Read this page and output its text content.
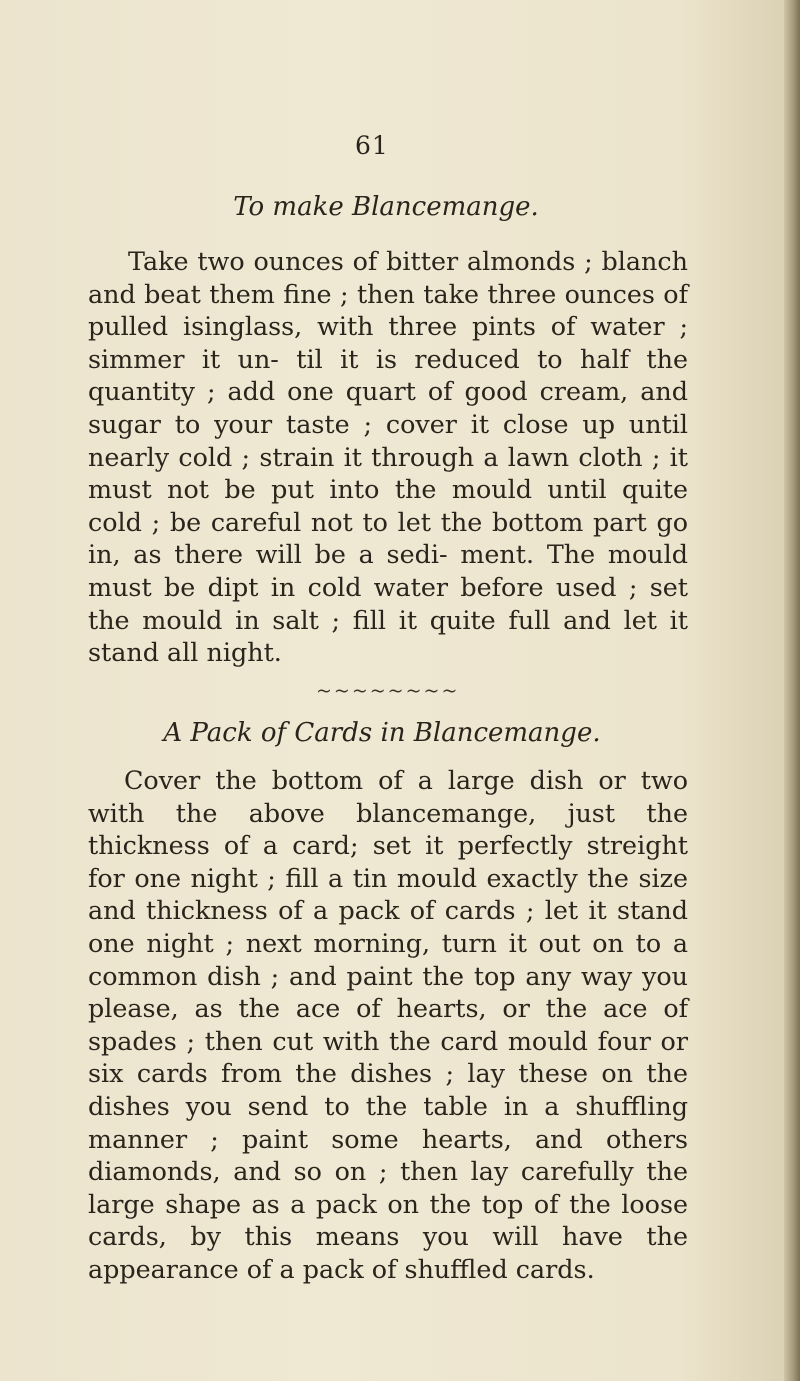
61
To make Blancemange.
Take two ounces of bitter almonds ; blanch and beat them fine ; then take three ounces of pulled isinglass, with three pints of water ; simmer it un- til it is reduced to half the quantity ; add one quart of good cream, and sugar to your taste ; cover it close up until nearly cold ; strain it through a lawn cloth ; it must not be put into the mould until quite cold ; be careful not to let the bottom part go in, as there will be a sedi- ment. The mould must be dipt in cold water before used ; set the mould in salt ; fill it quite full and let it stand all night.
~~~~~~~~
A Pack of Cards in Blancemange.
Cover the bottom of a large dish or two with the above blancemange, just the thickness of a card; set it perfectly streight for one night ; fill a tin mould exactly the size and thickness of a pack of cards ; let it stand one night ; next morning, turn it out on to a common dish ; and paint the top any way you please, as the ace of hearts, or the ace of spades ; then cut with the card mould four or six cards from the dishes ; lay these on the dishes you send to the table in a shuffling manner ; paint some hearts, and others diamonds, and so on ; then lay carefully the large shape as a pack on the top of the loose cards, by this means you will have the appearance of a pack of shuffled cards.
